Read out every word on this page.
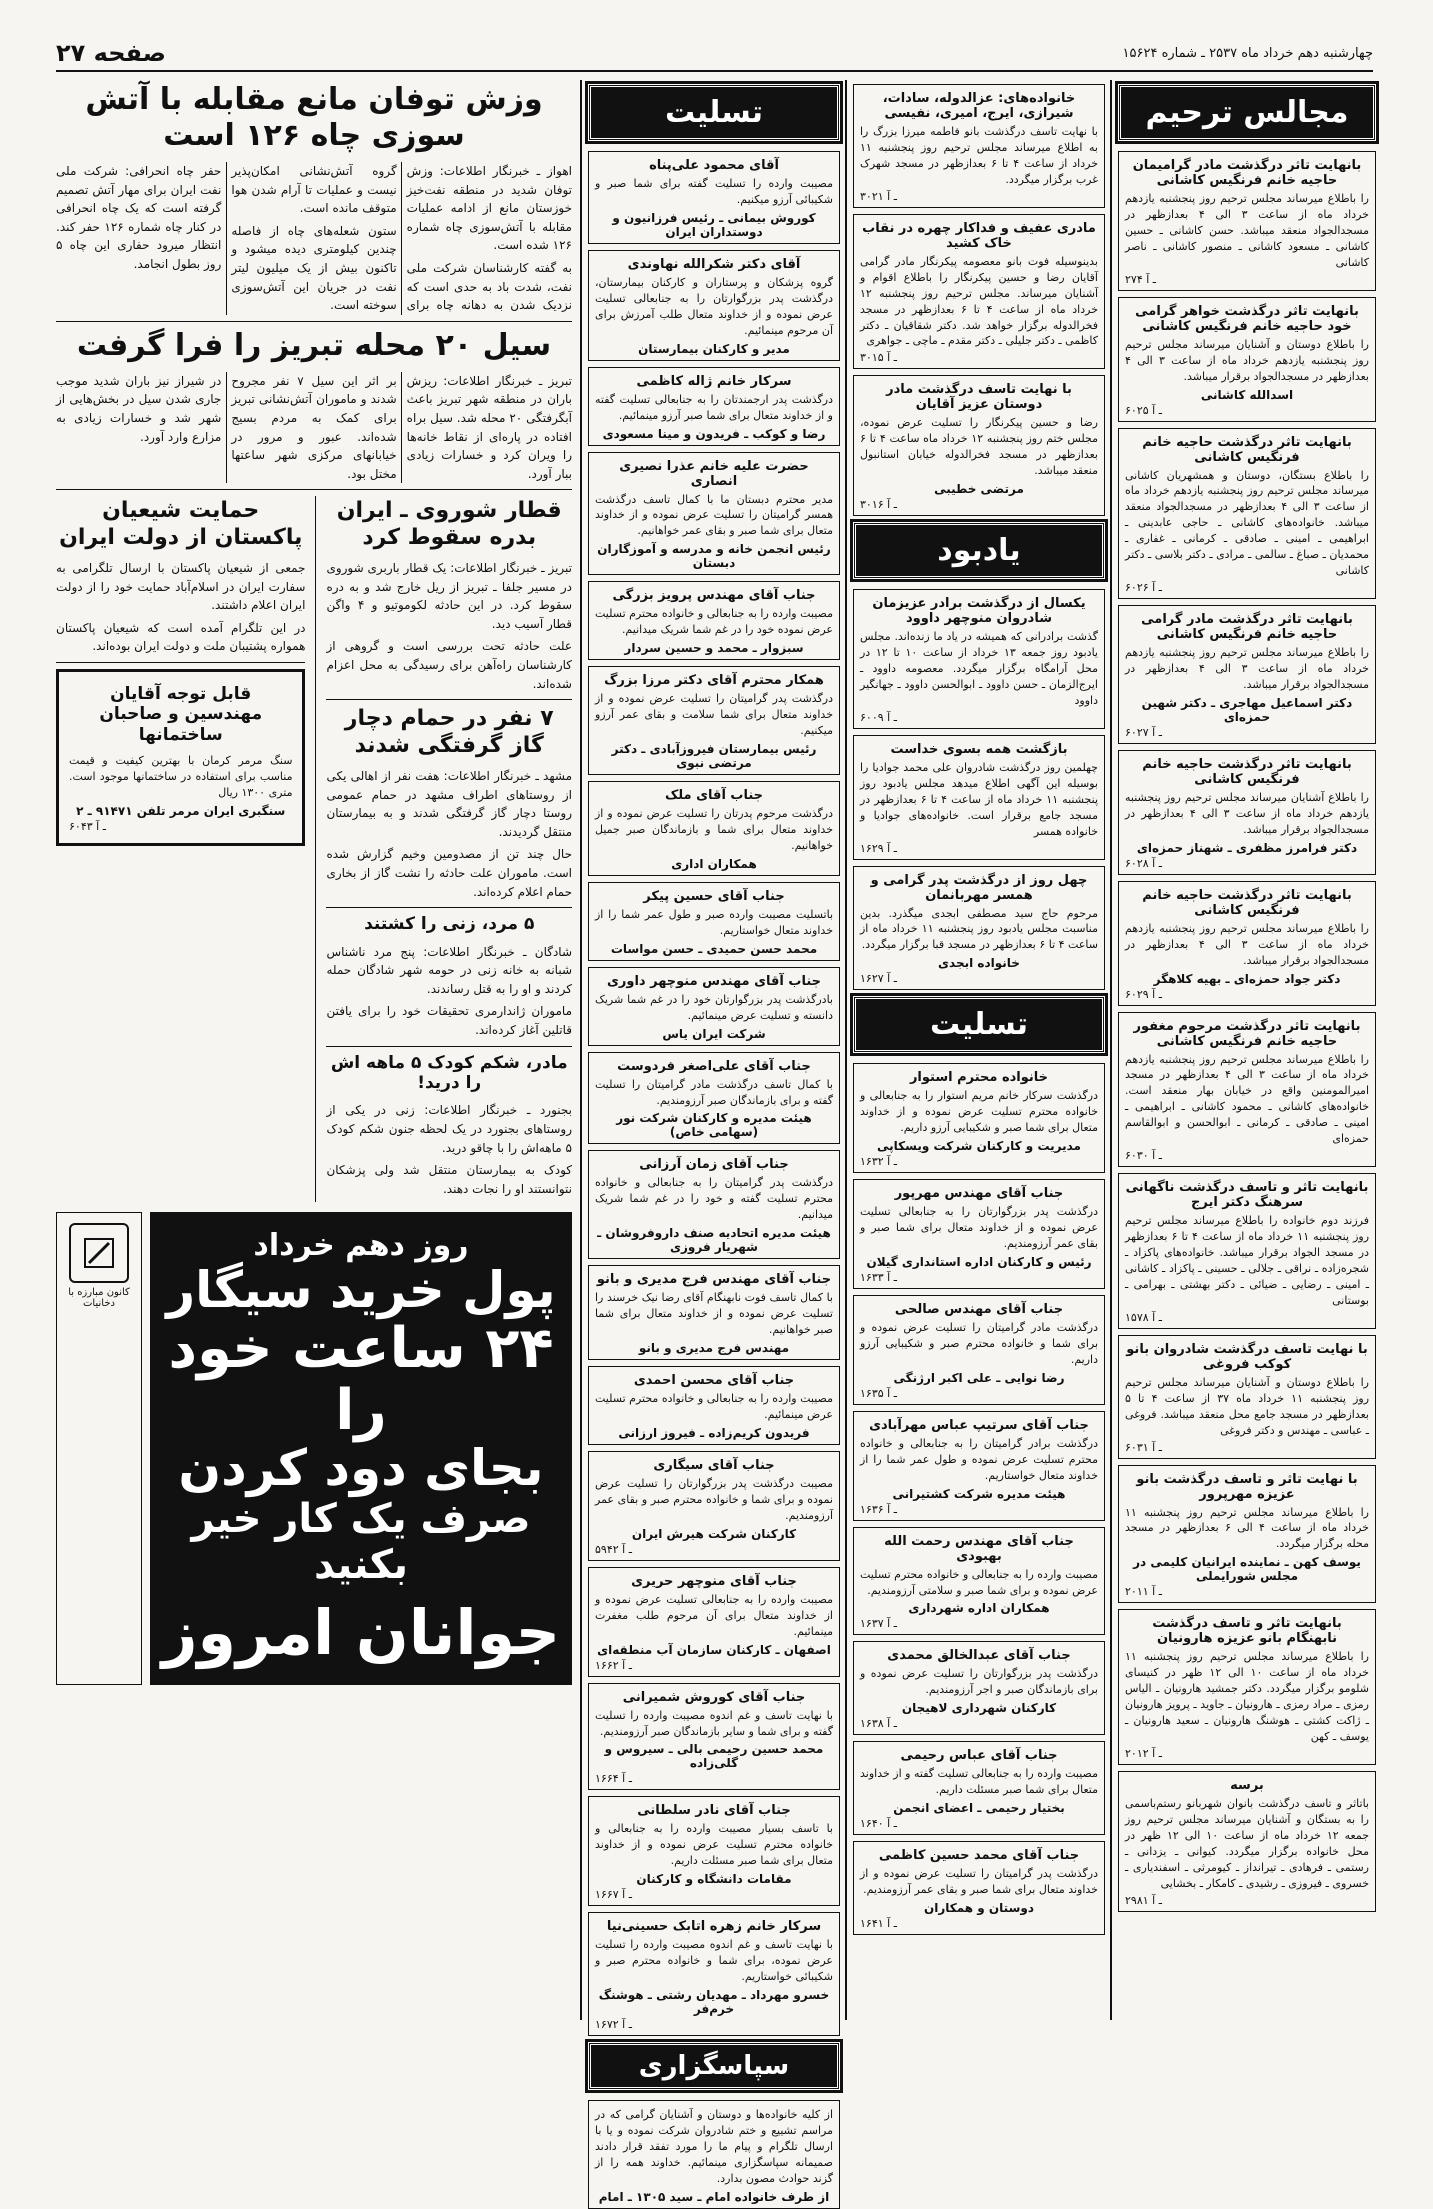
چهارشنبه دهم خرداد ماه ۲۵۳۷ ـ شماره ۱۵۶۲۴
صفحه ۲۷
مجالس ترحیم
بانهایت تاثر درگذشت مادر گرامیمان حاجیه خانم فرنگیس کاشانی
را باطلاع میرساند مجلس ترحیم روز پنجشنبه یازدهم خرداد ماه از ساعت ۳ الی ۴ بعدازظهر در مسجدالجواد منعقد میباشد. حسن کاشانی ـ حسین کاشانی ـ مسعود کاشانی ـ منصور کاشانی ـ ناصر کاشانی
۲۷۴ ـ آ
بانهایت تاثر درگذشت خواهر گرامی خود حاجیه خانم فرنگیس کاشانی
را باطلاع دوستان و آشنایان میرساند مجلس ترحیم روز پنجشنبه یازدهم خرداد ماه از ساعت ۳ الی ۴ بعدازظهر در مسجدالجواد برقرار میباشد.
اسدالله کاشانی
۶۰۲۵ ـ آ
بانهایت تاثر درگذشت حاجیه خانم فرنگیس کاشانی
را باطلاع بستگان، دوستان و همشهریان کاشانی میرساند مجلس ترحیم روز پنجشنبه یازدهم خرداد ماه از ساعت ۳ الی ۴ بعدازظهر در مسجدالجواد منعقد میباشد. خانواده‌های کاشانی ـ حاجی عابدینی ـ ابراهیمی ـ امینی ـ صادقی ـ کرمانی ـ غفاری ـ محمدیان ـ صباغ ـ سالمی ـ مرادی ـ دکتر بلاسی ـ دکتر کاشانی
۶۰۲۶ ـ آ
بانهایت تاثر درگذشت مادر گرامی حاجیه خانم فرنگیس کاشانی
را باطلاع میرساند مجلس ترحیم روز پنجشنبه یازدهم خرداد ماه از ساعت ۳ الی ۴ بعدازظهر در مسجدالجواد برقرار میباشد.
دکتر اسماعیل مهاجری ـ دکتر شهین حمزه‌ای
۶۰۲۷ ـ آ
بانهایت تاثر درگذشت حاجیه خانم فرنگیس کاشانی
را باطلاع آشنایان میرساند مجلس ترحیم روز پنجشنبه یازدهم خرداد ماه از ساعت ۳ الی ۴ بعدازظهر در مسجدالجواد برقرار میباشد.
دکتر فرامرز مظفری ـ شهناز حمزه‌ای
۶۰۲۸ ـ آ
بانهایت تاثر درگذشت حاجیه خانم فرنگیس کاشانی
را باطلاع میرساند مجلس ترحیم روز پنجشنبه یازدهم خرداد ماه از ساعت ۳ الی ۴ بعدازظهر در مسجدالجواد برقرار میباشد.
دکتر جواد حمزه‌ای ـ بهیه کلاهگر
۶۰۲۹ ـ آ
بانهایت تاثر درگذشت مرحوم مغفور حاجیه خانم فرنگیس کاشانی
را باطلاع میرساند مجلس ترحیم روز پنجشنبه یازدهم خرداد ماه از ساعت ۳ الی ۴ بعدازظهر در مسجد امیرالمومنین واقع در خیابان بهار منعقد است. خانواده‌های کاشانی ـ محمود کاشانی ـ ابراهیمی ـ امینی ـ صادقی ـ کرمانی ـ ابوالحسن و ابوالقاسم حمزه‌ای
۶۰۳۰ ـ آ
بانهایت تاثر و تاسف درگذشت ناگهانی سرهنگ دکتر ایرج
فرزند دوم خانواده را باطلاع میرساند مجلس ترحیم روز پنجشنبه ۱۱ خرداد ماه از ساعت ۴ تا ۶ بعدازظهر در مسجد الجواد برقرار میباشد. خانواده‌های پاکزاد ـ شجره‌زاده ـ نراقی ـ جلالی ـ حسینی ـ پاکزاد ـ کاشانی ـ امینی ـ رضایی ـ ضیائی ـ دکتر بهشتی ـ بهرامی ـ بوستانی
۱۵۷۸ ـ آ
با نهایت تاسف درگذشت شادروان بانو کوکب فروغی
را باطلاع دوستان و آشنایان میرساند مجلس ترحیم روز پنجشنبه ۱۱ خرداد ماه ۳۷ از ساعت ۴ تا ۵ بعدازظهر در مسجد جامع محل منعقد میباشد. فروغی ـ عباسی ـ مهندس و دکتر فروغی
۶۰۳۱ ـ آ
با نهایت تاثر و تاسف درگذشت بانو عزیزه مهرپرور
را باطلاع میرساند مجلس ترحیم روز پنجشنبه ۱۱ خرداد ماه از ساعت ۴ الی ۶ بعدازظهر در مسجد محله برگزار میگردد.
یوسف کهن ـ نماینده ایرانیان کلیمی در مجلس شورایملی
۲۰۱۱ ـ آ
بانهایت تاثر و تاسف درگذشت نابهنگام بانو عزیزه هارونیان
را باطلاع میرساند مجلس ترحیم روز پنجشنبه ۱۱ خرداد ماه از ساعت ۱۰ الی ۱۲ ظهر در کنیسای شلومو برگزار میگردد. دکتر جمشید هارونیان ـ الیاس رمزی ـ مراد رمزی ـ هارونیان ـ جاوید ـ پرویز هارونیان ـ ژاکت کشتی ـ هوشنگ هارونیان ـ سعید هارونیان ـ یوسف ـ کهن
۲۰۱۲ ـ آ
برسه
باتاثر و تاسف درگذشت بانوان شهربانو رستم‌باسمی را به بستگان و آشنایان میرساند مجلس ترحیم روز جمعه ۱۲ خرداد ماه از ساعت ۱۰ الی ۱۲ ظهر در محل خانواده برگزار میگردد. کیوانی ـ یزدانی ـ رستمی ـ فرهادی ـ تیرانداز ـ کیومرثی ـ اسفندیاری ـ خسروی ـ فیروزی ـ رشیدی ـ کامکار ـ بخشایی
۲۹۸۱ ـ آ
خانواده‌های: عزالدوله، سادات، شیرازی، ایرج، امیری، نفیسی
با نهایت تاسف درگذشت بانو فاطمه میرزا بزرگ را به اطلاع میرساند مجلس ترحیم روز پنجشنبه ۱۱ خرداد از ساعت ۴ تا ۶ بعدازظهر در مسجد شهرک غرب برگزار میگردد.
۳۰۲۱ ـ آ
مادری عفیف و فداکار چهره در نقاب خاک کشید
بدینوسیله فوت بانو معصومه پیکرنگار مادر گرامی آقایان رضا و حسین پیکرنگار را باطلاع اقوام و آشنایان میرساند. مجلس ترحیم روز پنجشنبه ۱۲ خرداد ماه از ساعت ۴ تا ۶ بعدازظهر در مسجد فخرالدوله برگزار خواهد شد. دکتر شقاقیان ـ دکتر کاظمی ـ دکتر جلیلی ـ دکتر مقدم ـ ماچی ـ جواهری
۳۰۱۵ ـ آ
با نهایت تاسف درگذشت مادر دوستان عزیز آقایان
رضا و حسین پیکرنگار را تسلیت عرض نموده، مجلس ختم روز پنجشنبه ۱۲ خرداد ماه ساعت ۴ تا ۶ بعدازظهر در مسجد فخرالدوله خیابان استانبول منعقد میباشد.
مرتضی خطیبی
۳۰۱۶ ـ آ
یادبود
یکسال از درگذشت برادر عزیزمان شادروان منوچهر داوود
گذشت برادرانی که همیشه در یاد ما زنده‌اند. مجلس یادبود روز جمعه ۱۳ خرداد از ساعت ۱۰ تا ۱۲ در محل آرامگاه برگزار میگردد. معصومه داوود ـ ایرج‌الزمان ـ حسن داوود ـ ابوالحسن داوود ـ جهانگیر داوود
۶۰۰۹ ـ آ
بازگشت همه بسوی خداست
چهلمین روز درگذشت شادروان علی محمد جوادیا را بوسیله این آگهی اطلاع میدهد مجلس یادبود روز پنجشنبه ۱۱ خرداد ماه از ساعت ۴ تا ۶ بعدازظهر در مسجد جامع برقرار است. خانواده‌های جوادیا و خانواده همسر
۱۶۲۹ ـ آ
چهل روز از درگذشت پدر گرامی و همسر مهربانمان
مرحوم حاج سید مصطفی ابجدی میگذرد. بدین مناسبت مجلس یادبود روز پنجشنبه ۱۱ خرداد ماه از ساعت ۴ تا ۶ بعدازظهر در مسجد قبا برگزار میگردد.
خانواده ابجدی
۱۶۲۷ ـ آ
تسلیت
خانواده محترم استوار
درگذشت سرکار خانم مریم استوار را به جنابعالی و خانواده محترم تسلیت عرض نموده و از خداوند متعال برای شما صبر و شکیبایی آرزو داریم.
مدیریت و کارکنان شرکت ویسکاپی
۱۶۳۲ ـ آ
جناب آقای مهندس مهرپور
درگذشت پدر بزرگوارتان را به جنابعالی تسلیت عرض نموده و از خداوند متعال برای شما صبر و بقای عمر آرزومندیم.
رئیس و کارکنان اداره استانداری گیلان
۱۶۳۳ ـ آ
جناب آقای مهندس صالحی
درگذشت مادر گرامیتان را تسلیت عرض نموده و برای شما و خانواده محترم صبر و شکیبایی آرزو داریم.
رضا نوایی ـ علی اکبر ارژنگی
۱۶۳۵ ـ آ
جناب آقای سرتیپ عباس مهرآبادی
درگذشت برادر گرامیتان را به جنابعالی و خانواده محترم تسلیت عرض نموده و طول عمر شما را از خداوند متعال خواستاریم.
هیئت مدیره شرکت کشتیرانی
۱۶۳۶ ـ آ
جناب آقای مهندس رحمت الله بهبودی
مصیبت وارده را به جنابعالی و خانواده محترم تسلیت عرض نموده و برای شما صبر و سلامتی آرزومندیم.
همکاران اداره شهرداری
۱۶۳۷ ـ آ
جناب آقای عبدالخالق محمدی
درگذشت پدر بزرگوارتان را تسلیت عرض نموده و برای بازماندگان صبر و اجر آرزومندیم.
کارکنان شهرداری لاهیجان
۱۶۳۸ ـ آ
جناب آقای عباس رحیمی
مصیبت وارده را به جنابعالی تسلیت گفته و از خداوند متعال برای شما صبر مسئلت داریم.
بختیار رحیمی ـ اعضای انجمن
۱۶۴۰ ـ آ
جناب آقای محمد حسین کاظمی
درگذشت پدر گرامیتان را تسلیت عرض نموده و از خداوند متعال برای شما صبر و بقای عمر آرزومندیم.
دوستان و همکاران
۱۶۴۱ ـ آ
تسلیت
آقای محمود علی‌پناه
مصیبت وارده را تسلیت گفته برای شما صبر و شکیبائی آرزو میکنیم.
کوروش بیمانی ـ رئیس فرزانیون و دوستداران ایران
آقای دکتر شکرالله نهاوندی
گروه پزشکان و پرستاران و کارکنان بیمارستان، درگذشت پدر بزرگوارتان را به جنابعالی تسلیت عرض نموده و از خداوند متعال طلب آمرزش برای آن مرحوم مینمائیم.
مدیر و کارکنان بیمارستان
سرکار خانم ژاله کاظمی
درگذشت پدر ارجمندتان را به جنابعالی تسلیت گفته و از خداوند متعال برای شما صبر آرزو مینمائیم.
رضا و کوکب ـ فریدون و مینا مسعودی
حضرت علیه خانم عذرا نصیری انصاری
مدیر محترم دبستان ما با کمال تاسف درگذشت همسر گرامیتان را تسلیت عرض نموده و از خداوند متعال برای شما صبر و بقای عمر خواهانیم.
رئیس انجمن خانه و مدرسه و آموزگاران دبستان
جناب آقای مهندس پرویز بزرگی
مصیبت وارده را به جنابعالی و خانواده محترم تسلیت عرض نموده خود را در غم شما شریک میدانیم.
سبزوار ـ محمد و حسین سردار
همکار محترم آقای دکتر مرزا بزرگ
درگذشت پدر گرامیتان را تسلیت عرض نموده و از خداوند متعال برای شما سلامت و بقای عمر آرزو میکنیم.
رئیس بیمارستان فیروزآبادی ـ دکتر مرتضی نبوی
جناب آقای ملک
درگذشت مرحوم پدرتان را تسلیت عرض نموده و از خداوند متعال برای شما و بازماندگان صبر جمیل خواهانیم.
همکاران اداری
جناب آقای حسین پیکر
باتسلیت مصیبت وارده صبر و طول عمر شما را از خداوند متعال خواستاریم.
محمد حسن حمیدی ـ حسن مواسات
جناب آقای مهندس منوچهر داوری
بادرگذشت پدر بزرگوارتان خود را در غم شما شریک دانسته و تسلیت عرض مینمائیم.
شرکت ایران یاس
جناب آقای علی‌اصغر فردوست
با کمال تاسف درگذشت مادر گرامیتان را تسلیت گفته و برای بازماندگان صبر آرزومندیم.
هیئت مدیره و کارکنان شرکت نور (سهامی خاص)
جناب آقای زمان آرزانی
درگذشت پدر گرامیتان را به جنابعالی و خانواده محترم تسلیت گفته و خود را در غم شما شریک میدانیم.
هیئت مدیره اتحادیه صنف داروفروشان ـ شهریار فروزی
جناب آقای مهندس فرج مدیری و بانو
با کمال تاسف فوت نابهنگام آقای رضا نیک خرسند را تسلیت عرض نموده و از خداوند متعال برای شما صبر خواهانیم.
مهندس فرج مدیری و بانو
جناب آقای محسن احمدی
مصیبت وارده را به جنابعالی و خانواده محترم تسلیت عرض مینمائیم.
فریدون کریم‌زاده ـ فیروز ارزانی
جناب آقای سیگاری
مصیبت درگذشت پدر بزرگوارتان را تسلیت عرض نموده و برای شما و خانواده محترم صبر و بقای عمر آرزومندیم.
کارکنان شرکت هیرش ایران
۵۹۴۲ ـ آ
جناب آقای منوچهر حریری
مصیبت وارده را به جنابعالی تسلیت عرض نموده و از خداوند متعال برای آن مرحوم طلب مغفرت مینمائیم.
اصفهان ـ کارکنان سازمان آب منطقه‌ای
۱۶۶۲ ـ آ
جناب آقای کوروش شمیرانی
با نهایت تاسف و غم اندوه مصیبت وارده را تسلیت گفته و برای شما و سایر بازماندگان صبر آرزومندیم.
محمد حسین رحیمی بالی ـ سیروس و گلی‌زاده
۱۶۶۴ ـ آ
جناب آقای نادر سلطانی
با تاسف بسیار مصیبت وارده را به جنابعالی و خانواده محترم تسلیت عرض نموده و از خداوند متعال برای شما صبر مسئلت داریم.
مقامات دانشگاه و کارکنان
۱۶۶۷ ـ آ
سرکار خانم زهره اتابک حسینی‌نیا
با نهایت تاسف و غم اندوه مصیبت وارده را تسلیت عرض نموده، برای شما و خانواده محترم صبر و شکیبائی خواستاریم.
خسرو مهرداد ـ مهدیان رشتی ـ هوشنگ خرم‌فر
۱۶۷۲ ـ آ
سپاسگزاری
از کلیه خانواده‌ها و دوستان و آشنایان گرامی که در مراسم تشییع و ختم شادروان شرکت نموده و یا با ارسال تلگرام و پیام ما را مورد تفقد قرار دادند صمیمانه سپاسگزاری مینمائیم. خداوند همه را از گزند حوادث مصون بدارد.
از طرف خانواده امام ـ سید ۱۳۰۵ ـ امام
وزش توفان مانع مقابله با آتش سوزی چاه ۱۲۶ است

اهواز ـ خبرنگار اطلاعات: وزش توفان شدید در منطقه نفت‌خیز خوزستان مانع از ادامه عملیات مقابله با آتش‌سوزی چاه شماره ۱۲۶ شده است.

به گفته کارشناسان شرکت ملی نفت، شدت باد به حدی است که نزدیک شدن به دهانه چاه برای گروه آتش‌نشانی امکان‌پذیر نیست و عملیات تا آرام شدن هوا متوقف مانده است.

ستون شعله‌های چاه از فاصله چندین کیلومتری دیده میشود و تاکنون بیش از یک میلیون لیتر نفت در جریان این آتش‌سوزی سوخته است.

حفر چاه انحرافی: شرکت ملی نفت ایران برای مهار آتش تصمیم گرفته است که یک چاه انحرافی در کنار چاه شماره ۱۲۶ حفر کند. انتظار میرود حفاری این چاه ۵ روز بطول انجامد.

سیل ۲۰ محله تبریز را فرا گرفت

تبریز ـ خبرنگار اطلاعات: ریزش باران در منطقه شهر تبریز باعث آبگرفتگی ۲۰ محله شد. سیل براه افتاده در پاره‌ای از نقاط خانه‌ها را ویران کرد و خسارات زیادی ببار آورد.

بر اثر این سیل ۷ نفر مجروح شدند و ماموران آتش‌نشانی تبریز برای کمک به مردم بسیج شده‌اند. عبور و مرور در خیابانهای مرکزی شهر ساعتها مختل بود.

در شیراز نیز باران شدید موجب جاری شدن سیل در بخش‌هایی از شهر شد و خسارات زیادی به مزارع وارد آورد.

قطار شوروی ـ ایران بدره سقوط کرد

تبریز ـ خبرنگار اطلاعات: یک قطار باربری شوروی در مسیر جلفا ـ تبریز از ریل خارج شد و به دره سقوط کرد. در این حادثه لکوموتیو و ۴ واگن قطار آسیب دید.

علت حادثه تحت بررسی است و گروهی از کارشناسان راه‌آهن برای رسیدگی به محل اعزام شده‌اند.

۷ نفر در حمام دچار گاز گرفتگی شدند

مشهد ـ خبرنگار اطلاعات: هفت نفر از اهالی یکی از روستاهای اطراف مشهد در حمام عمومی روستا دچار گاز گرفتگی شدند و به بیمارستان منتقل گردیدند.

حال چند تن از مصدومین وخیم گزارش شده است. ماموران علت حادثه را نشت گاز از بخاری حمام اعلام کرده‌اند.

۵ مرد، زنی را کشتند

شادگان ـ خبرنگار اطلاعات: پنج مرد ناشناس شبانه به خانه زنی در حومه شهر شادگان حمله کردند و او را به قتل رساندند.

ماموران ژاندارمری تحقیقات خود را برای یافتن قاتلین آغاز کرده‌اند.

مادر، شکم کودک ۵ ماهه اش را درید!

بجنورد ـ خبرنگار اطلاعات: زنی در یکی از روستاهای بجنورد در یک لحظه جنون شکم کودک ۵ ماهه‌اش را با چاقو درید.

کودک به بیمارستان منتقل شد ولی پزشکان نتوانستند او را نجات دهند.

حمایت شیعیان پاکستان از دولت ایران

جمعی از شیعیان پاکستان با ارسال تلگرامی به سفارت ایران در اسلام‌آباد حمایت خود را از دولت ایران اعلام داشتند.

در این تلگرام آمده است که شیعیان پاکستان همواره پشتیبان ملت و دولت ایران بوده‌اند.

قابل توجه آقایان مهندسین و صاحبان ساختمانها
سنگ مرمر کرمان با بهترین کیفیت و قیمت مناسب برای استفاده در ساختمانها موجود است. متری ۱۳۰۰ ریال
سنگبری ایران مرمر تلفن ۹۱۴۷۱ ـ ۲
۶۰۴۳ ـ آ
روز دهم خرداد
پول خرید سیگار
۲۴ ساعت خود را
بجای دود کردن
صرف یک کار خیر بکنید
جوانان امروز
کانون مبارزه با دخانیات
